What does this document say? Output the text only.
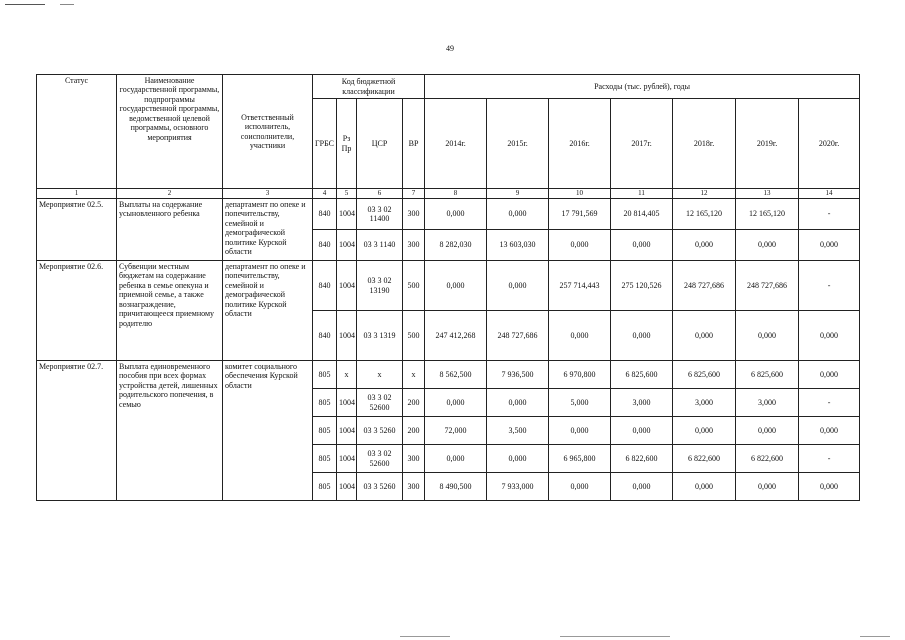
49
Статус	Наименование государственной программы, подпрограммы государственной программы, ведомственной целевой программы, основного мероприятия	Ответственный исполнитель, соисполнители, участники	Код бюджетной классификации				Расходы (тыс. рублей), годы						
			ГРБС	Рз Пр	ЦСР	ВР	2014г.	2015г.	2016г.	2017г.	2018г.	2019г.	2020г.
1	2	3	4	5	6	7	8	9	10	11	12	13	14
Мероприятие 02.5.	Выплаты на содержание усыновленного ребенка	департамент по опеке и попечительству, семейной и демографической политике Курской области	840	1004	03 3 02 11400	300	0,000	0,000	17 791,569	20 814,405	12 165,120	12 165,120	-
			840	1004	03 3 1140	300	8 282,030	13 603,030	0,000	0,000	0,000	0,000	0,000
Мероприятие 02.6.	Субвенции местным бюджетам на содержание ребенка в семье опекуна и приемной семье, а также вознаграждение, причитающееся приемному родителю	департамент по опеке и попечительству, семейной и демографической политике Курской области	840	1004	03 3 02 13190	500	0,000	0,000	257 714,443	275 120,526	248 727,686	248 727,686	-
			840	1004	03 3 1319	500	247 412,268	248 727,686	0,000	0,000	0,000	0,000	0,000
Мероприятие 02.7.	Выплата единовременного пособия при всех формах устройства детей, лишенных родительского попечения, в семью	комитет социального обеспечения Курской области	805	х	х	х	8 562,500	7 936,500	6 970,800	6 825,600	6 825,600	6 825,600	0,000
			805	1004	03 3 02 52600	200	0,000	0,000	5,000	3,000	3,000	3,000	-
			805	1004	03 3 5260	200	72,000	3,500	0,000	0,000	0,000	0,000	0,000
			805	1004	03 3 02 52600	300	0,000	0,000	6 965,800	6 822,600	6 822,600	6 822,600	-
			805	1004	03 3 5260	300	8 490,500	7 933,000	0,000	0,000	0,000	0,000	0,000
